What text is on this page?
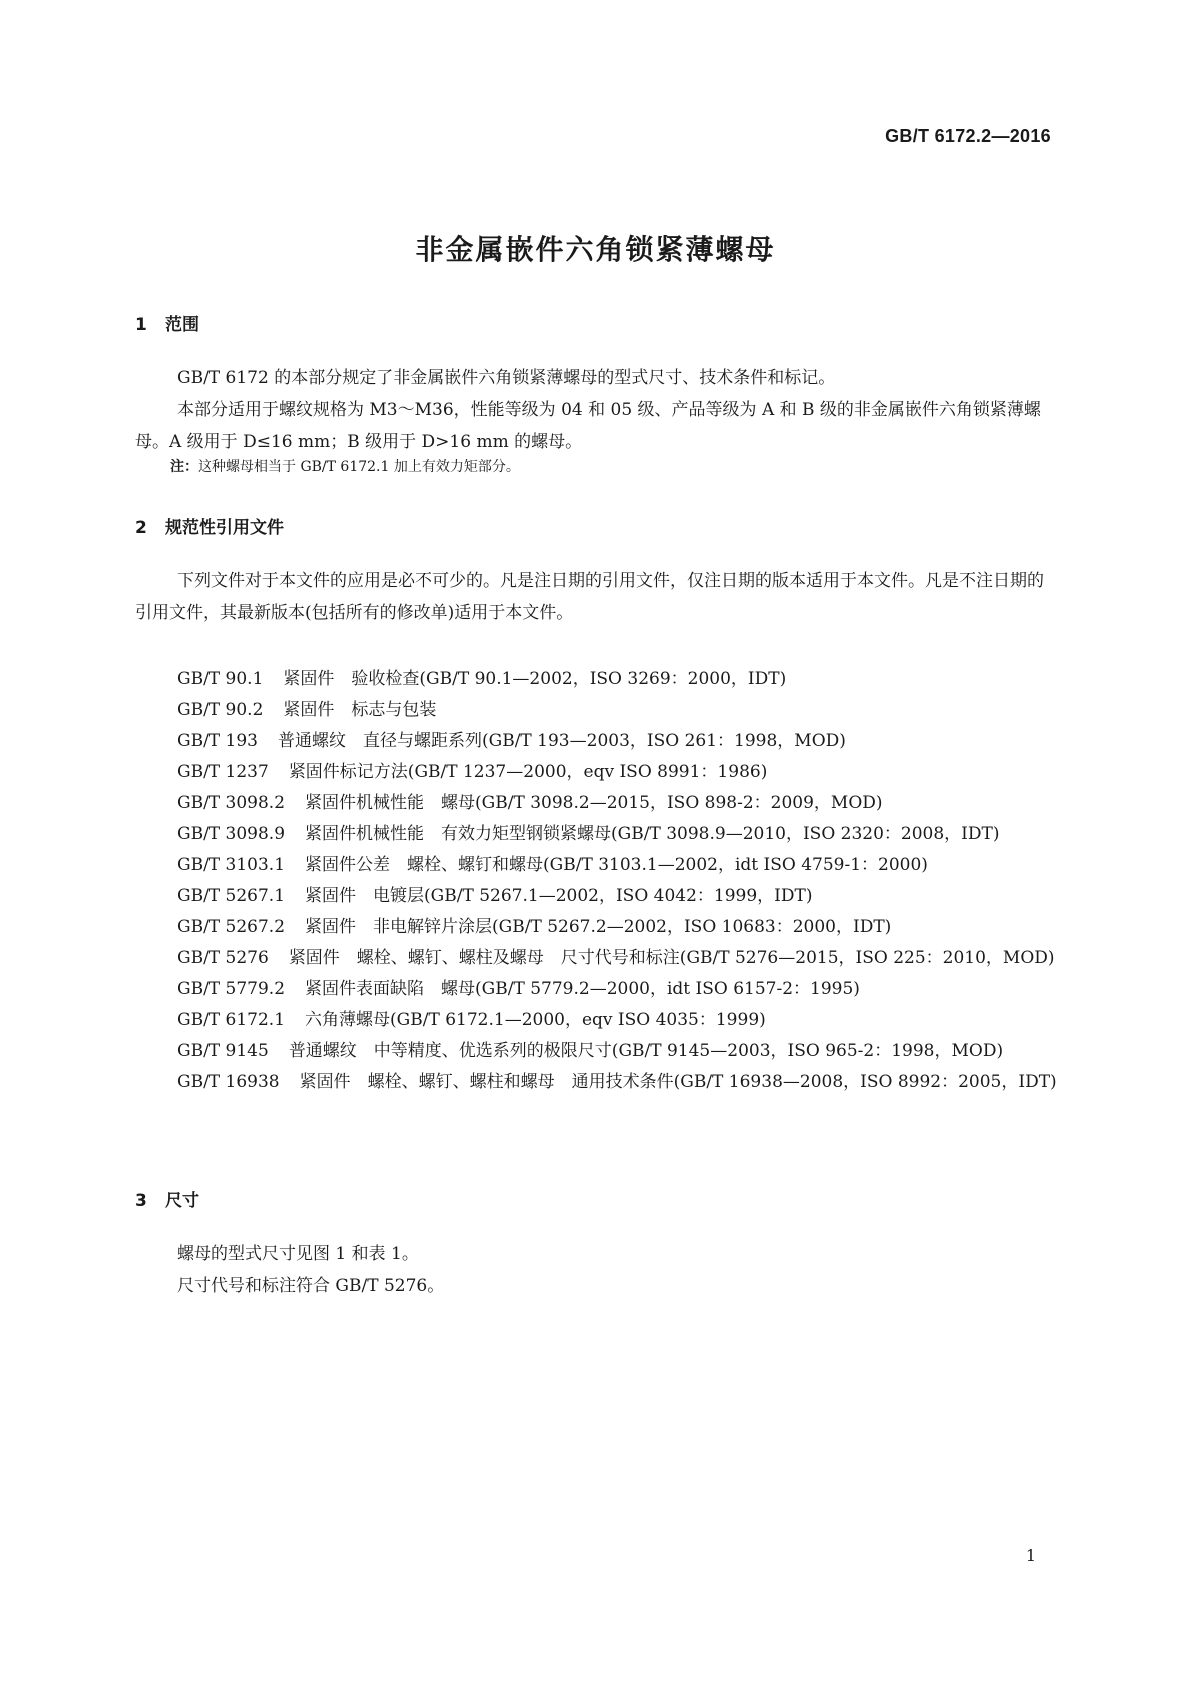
GB/T 6172.2—2016
非金属嵌件六角锁紧薄螺母
1 范围

GB/T 6172 的本部分规定了非金属嵌件六角锁紧薄螺母的型式尺寸、技术条件和标记。

本部分适用于螺纹规格为 M3～M36，性能等级为 04 和 05 级、产品等级为 A 和 B 级的非金属嵌件六角锁紧薄螺母。A 级用于 D≤16 mm；B 级用于 D>16 mm 的螺母。

注：这种螺母相当于 GB/T 6172.1 加上有效力矩部分。
2 规范性引用文件

下列文件对于本文件的应用是必不可少的。凡是注日期的引用文件，仅注日期的版本适用于本文件。凡是不注日期的引用文件，其最新版本(包括所有的修改单)适用于本文件。

GB/T 90.1 紧固件　验收检查(GB/T 90.1—2002，ISO 3269：2000，IDT)
GB/T 90.2 紧固件　标志与包装
GB/T 193 普通螺纹　直径与螺距系列(GB/T 193—2003，ISO 261：1998，MOD)
GB/T 1237 紧固件标记方法(GB/T 1237—2000，eqv ISO 8991：1986)
GB/T 3098.2 紧固件机械性能　螺母(GB/T 3098.2—2015，ISO 898-2：2009，MOD)
GB/T 3098.9 紧固件机械性能　有效力矩型钢锁紧螺母(GB/T 3098.9—2010，ISO 2320：2008，IDT)
GB/T 3103.1 紧固件公差　螺栓、螺钉和螺母(GB/T 3103.1—2002，idt ISO 4759-1：2000)
GB/T 5267.1 紧固件　电镀层(GB/T 5267.1—2002，ISO 4042：1999，IDT)
GB/T 5267.2 紧固件　非电解锌片涂层(GB/T 5267.2—2002，ISO 10683：2000，IDT)
GB/T 5276 紧固件　螺栓、螺钉、螺柱及螺母　尺寸代号和标注(GB/T 5276—2015，ISO 225：2010，MOD)
GB/T 5779.2 紧固件表面缺陷　螺母(GB/T 5779.2—2000，idt ISO 6157-2：1995)
GB/T 6172.1 六角薄螺母(GB/T 6172.1—2000，eqv ISO 4035：1999)
GB/T 9145 普通螺纹　中等精度、优选系列的极限尺寸(GB/T 9145—2003，ISO 965-2：1998，MOD)
GB/T 16938 紧固件　螺栓、螺钉、螺柱和螺母　通用技术条件(GB/T 16938—2008，ISO 8992：2005，IDT)
3 尺寸

螺母的型式尺寸见图 1 和表 1。

尺寸代号和标注符合 GB/T 5276。

1
